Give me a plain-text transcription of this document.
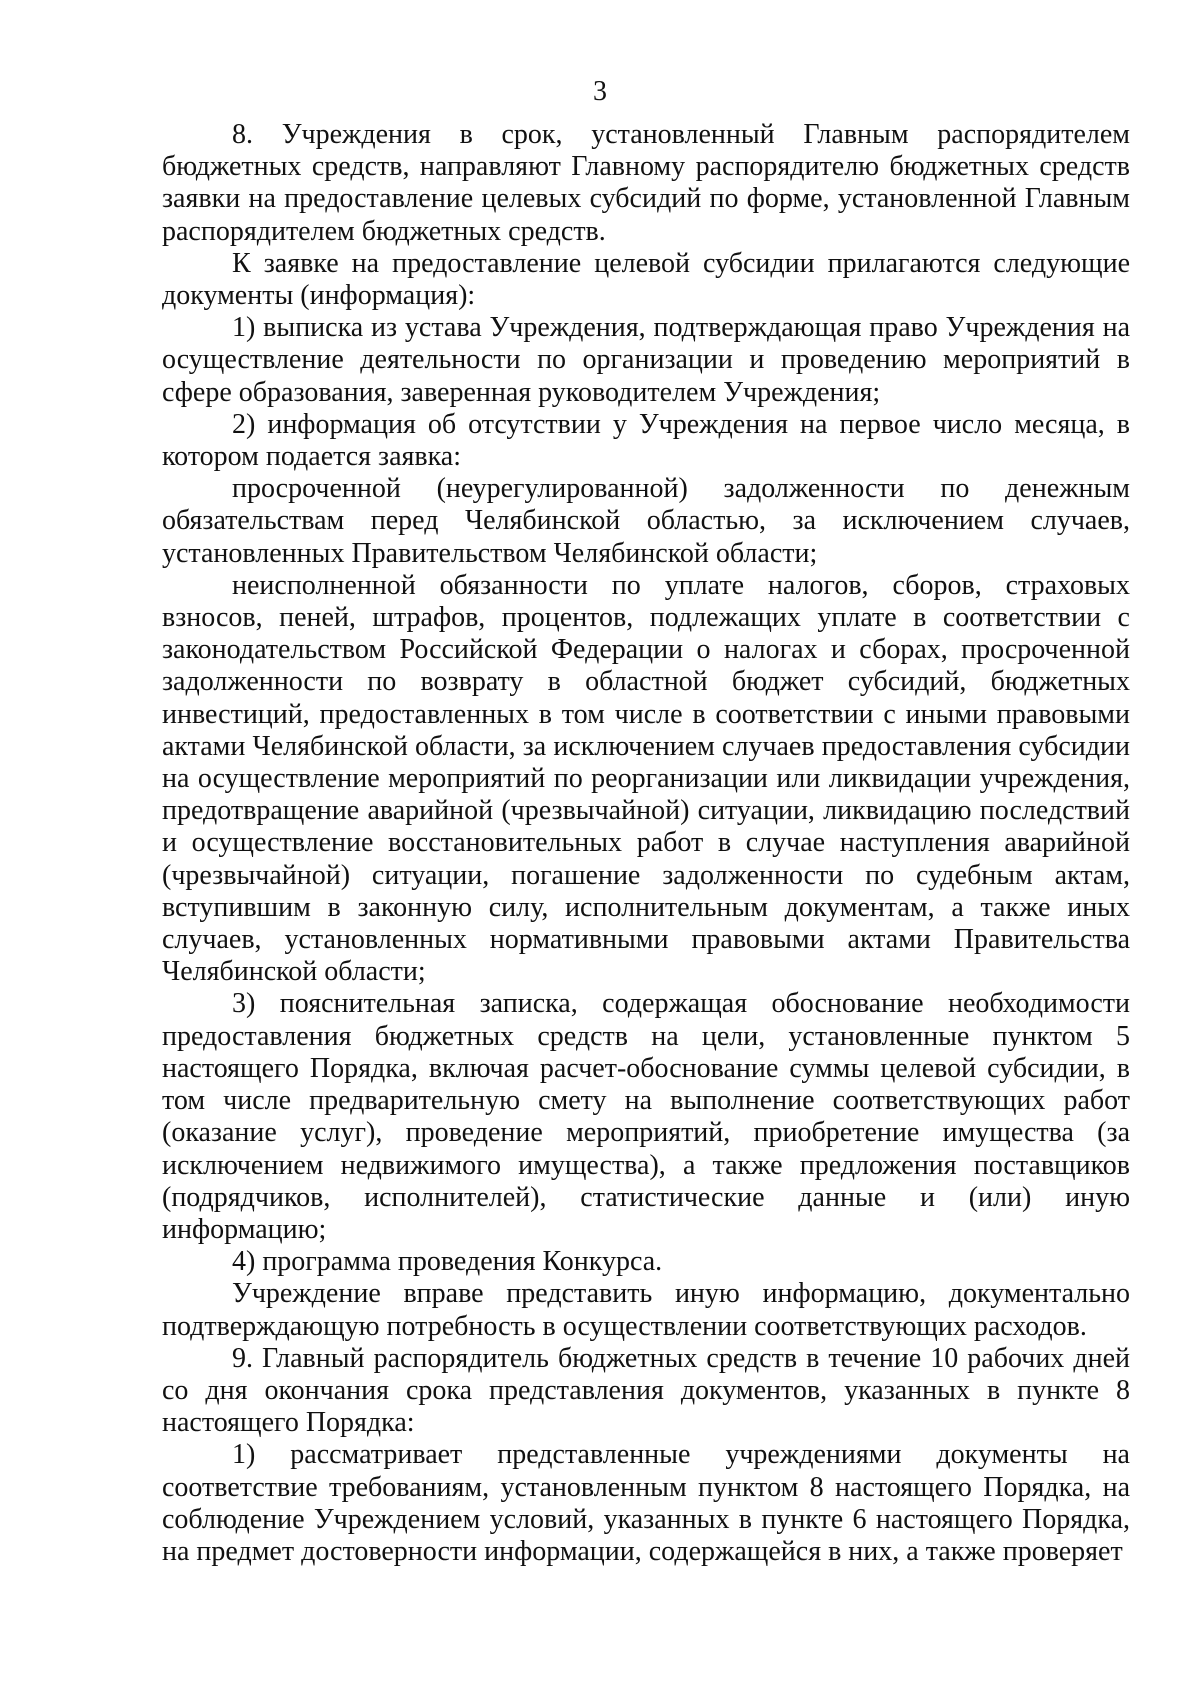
3

8. Учреждения в срок, установленный Главным распорядителем бюджетных средств, направляют Главному распорядителю бюджетных средств заявки на предоставление целевых субсидий по форме, установленной Главным распорядителем бюджетных средств.

К заявке на предоставление целевой субсидии прилагаются следующие документы (информация):

1) выписка из устава Учреждения, подтверждающая право Учреждения на осуществление деятельности по организации и проведению мероприятий в сфере образования, заверенная руководителем Учреждения;

2) информация об отсутствии у Учреждения на первое число месяца, в котором подается заявка:

просроченной (неурегулированной) задолженности по денежным обязательствам перед Челябинской областью, за исключением случаев, установленных Правительством Челябинской области;

неисполненной обязанности по уплате налогов, сборов, страховых взносов, пеней, штрафов, процентов, подлежащих уплате в соответствии с законодательством Российской Федерации о налогах и сборах, просроченной задолженности по возврату в областной бюджет субсидий, бюджетных инвестиций, предоставленных в том числе в соответствии с иными правовыми актами Челябинской области, за исключением случаев предоставления субсидии на осуществление мероприятий по реорганизации или ликвидации учреждения, предотвращение аварийной (чрезвычайной) ситуации, ликвидацию последствий и осуществление восстановительных работ в случае наступления аварийной (чрезвычайной) ситуации, погашение задолженности по судебным актам, вступившим в законную силу, исполнительным документам, а также иных случаев, установленных нормативными правовыми актами Правительства Челябинской области;

3) пояснительная записка, содержащая обоснование необходимости предоставления бюджетных средств на цели, установленные пунктом 5 настоящего Порядка, включая расчет-обоснование суммы целевой субсидии, в том числе предварительную смету на выполнение соответствующих работ (оказание услуг), проведение мероприятий, приобретение имущества (за исключением недвижимого имущества), а также предложения поставщиков (подрядчиков, исполнителей), статистические данные и (или) иную информацию;

4) программа проведения Конкурса.

Учреждение вправе представить иную информацию, документально подтверждающую потребность в осуществлении соответствующих расходов.

9. Главный распорядитель бюджетных средств в течение 10 рабочих дней со дня окончания срока представления документов, указанных в пункте 8 настоящего Порядка:

1) рассматривает представленные учреждениями документы на соответствие требованиям, установленным пунктом 8 настоящего Порядка, на соблюдение Учреждением условий, указанных в пункте 6 настоящего Порядка, на предмет достоверности информации, содержащейся в них, а также проверяет
